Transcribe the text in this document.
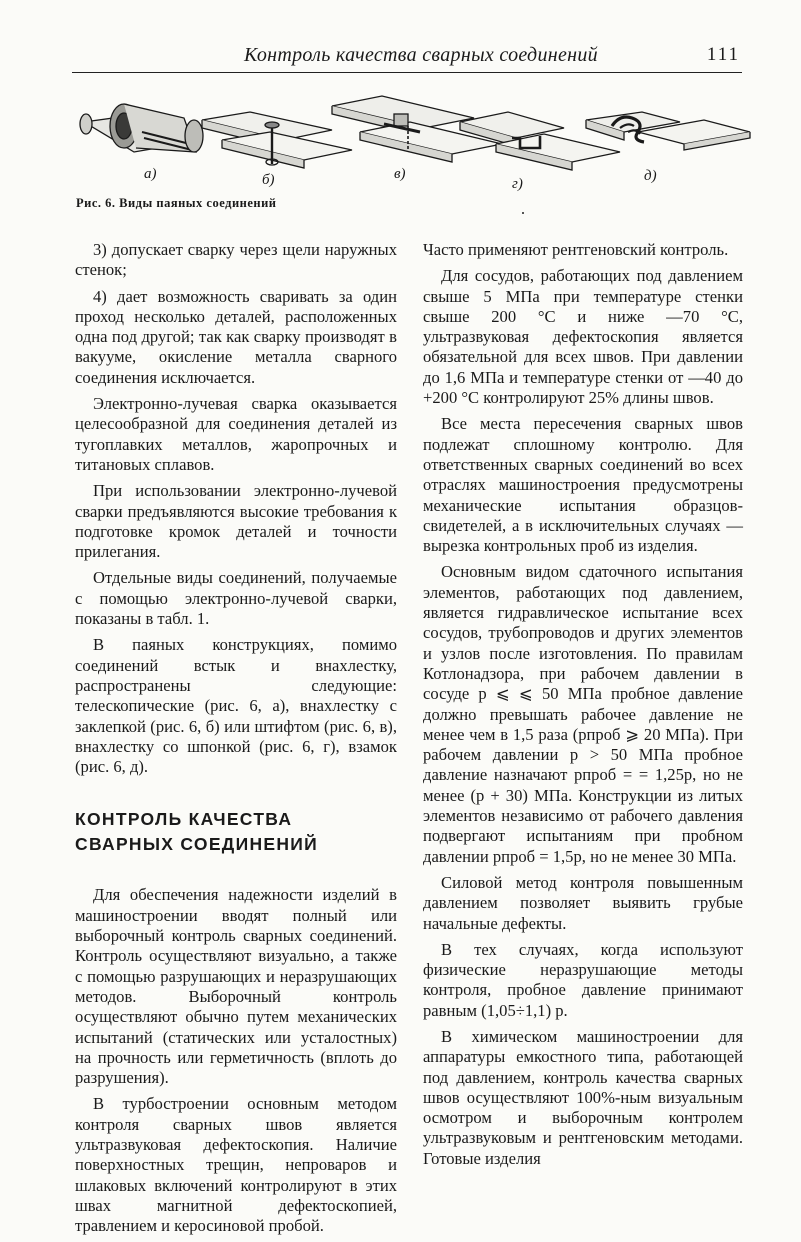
Контроль качества сварных соединений	111
а)	б)	в)
г)	д)
Рис. 6. Виды паяных соединений

3) допускает сварку через щели наружных стенок;

4) дает возможность сваривать за один проход несколько деталей, расположенных одна под другой; так как сварку производят в вакууме, окисление металла сварного соединения исключается.

Электронно-лучевая сварка оказывается целесообразной для соединения деталей из тугоплавких металлов, жаропрочных и титановых сплавов.

При использовании электронно-лучевой сварки предъявляются высокие требования к подготовке кромок деталей и точности прилегания.

Отдельные виды соединений, получаемые с помощью электронно-лучевой сварки, показаны в табл. 1.

В паяных конструкциях, помимо соединений встык и внахлестку, распространены следующие: телескопические (рис. 6, а), внахлестку с заклепкой (рис. 6, б) или штифтом (рис. 6, в), внахлестку со шпонкой (рис. 6, г), взамок (рис. 6, д).

КОНТРОЛЬ КАЧЕСТВА СВАРНЫХ СОЕДИНЕНИЙ

Для обеспечения надежности изделий в машиностроении вводят полный или выборочный контроль сварных соединений. Контроль осуществляют визуально, а также с помощью разрушающих и неразрушающих методов. Выборочный контроль осуществляют обычно путем механических испытаний (статических или усталостных) на прочность или герметичность (вплоть до разрушения).

В турбостроении основным методом контроля сварных швов является ультразвуковая дефектоскопия. Наличие поверхностных трещин, непроваров и шлаковых включений контролируют в этих швах магнитной дефектоскопией, травлением и керосиновой пробой.

Часто применяют рентгеновский контроль.

Для сосудов, работающих под давлением свыше 5 МПа при температуре стенки свыше 200 °С и ниже —70 °С, ультразвуковая дефектоскопия является обязательной для всех швов. При давлении до 1,6 МПа и температуре стенки от —40 до +200 °С контролируют 25% длины швов.

Все места пересечения сварных швов подлежат сплошному контролю. Для ответственных сварных соединений во всех отраслях машиностроения предусмотрены механические испытания образцов-свидетелей, а в исключительных случаях — вырезка контрольных проб из изделия.

Основным видом сдаточного испытания элементов, работающих под давлением, является гидравлическое испытание всех сосудов, трубопроводов и других элементов и узлов после изготовления. По правилам Котлонадзора, при рабочем давлении в сосуде p ⩽ ⩽ 50 МПа пробное давление должно превышать рабочее давление не менее чем в 1,5 раза (pпроб ⩾ 20 МПа). При рабочем давлении p > 50 МПа пробное давление назначают pпроб = = 1,25p, но не менее (p + 30) МПа. Конструкции из литых элементов независимо от рабочего давления подвергают испытаниям при пробном давлении pпроб = 1,5p, но не менее 30 МПа.

Силовой метод контроля повышенным давлением позволяет выявить грубые начальные дефекты.

В тех случаях, когда используют физические неразрушающие методы контроля, пробное давление принимают равным (1,05÷1,1) p.

В химическом машиностроении для аппаратуры емкостного типа, работающей под давлением, контроль качества сварных швов осуществляют 100%-ным визуальным осмотром и выборочным контролем ультразвуковым и рентгеновским методами. Готовые изделия
